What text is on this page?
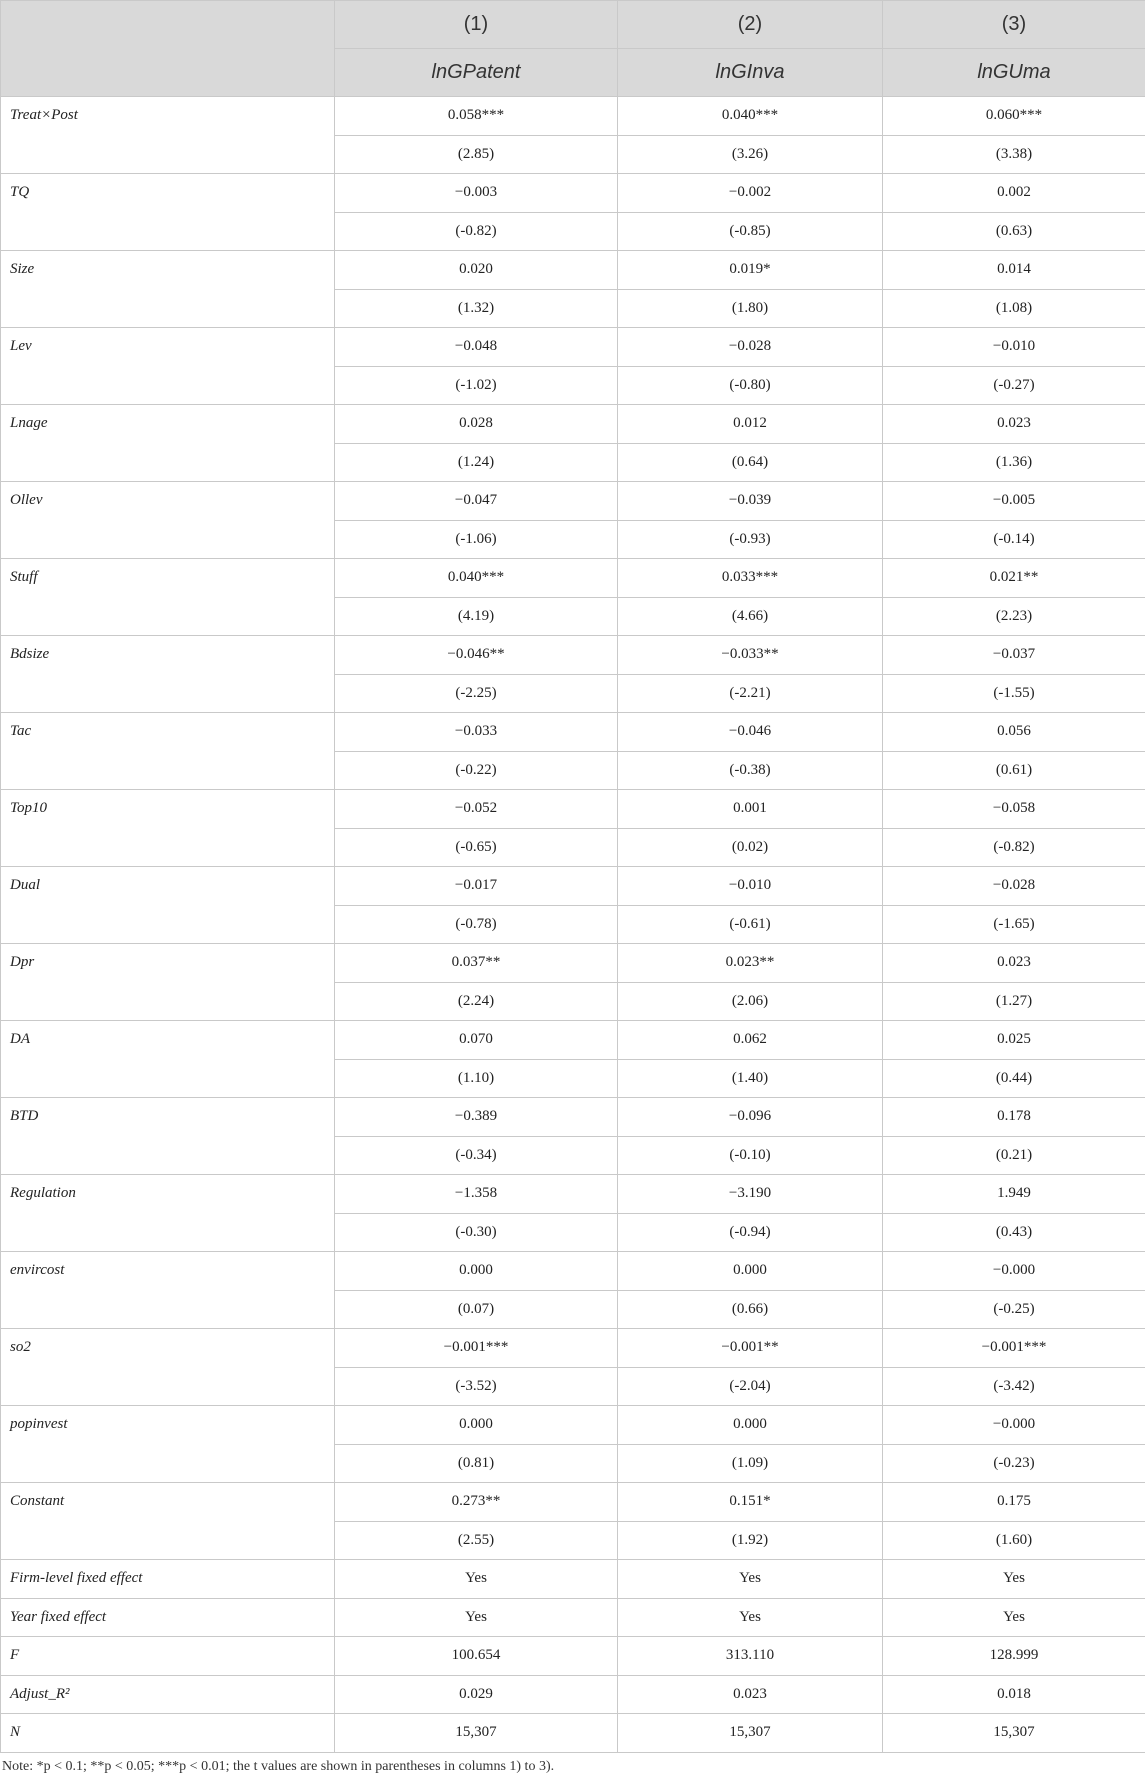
	(1)	(2)	(3)
	lnGPatent	lnGInva	lnGUma
Treat×Post	0.058***	0.040***	0.060***
	(2.85)	(3.26)	(3.38)
TQ	−0.003	−0.002	0.002
	(-0.82)	(-0.85)	(0.63)
Size	0.020	0.019*	0.014
	(1.32)	(1.80)	(1.08)
Lev	−0.048	−0.028	−0.010
	(-1.02)	(-0.80)	(-0.27)
Lnage	0.028	0.012	0.023
	(1.24)	(0.64)	(1.36)
Ollev	−0.047	−0.039	−0.005
	(-1.06)	(-0.93)	(-0.14)
Stuff	0.040***	0.033***	0.021**
	(4.19)	(4.66)	(2.23)
Bdsize	−0.046**	−0.033**	−0.037
	(-2.25)	(-2.21)	(-1.55)
Tac	−0.033	−0.046	0.056
	(-0.22)	(-0.38)	(0.61)
Top10	−0.052	0.001	−0.058
	(-0.65)	(0.02)	(-0.82)
Dual	−0.017	−0.010	−0.028
	(-0.78)	(-0.61)	(-1.65)
Dpr	0.037**	0.023**	0.023
	(2.24)	(2.06)	(1.27)
DA	0.070	0.062	0.025
	(1.10)	(1.40)	(0.44)
BTD	−0.389	−0.096	0.178
	(-0.34)	(-0.10)	(0.21)
Regulation	−1.358	−3.190	1.949
	(-0.30)	(-0.94)	(0.43)
envircost	0.000	0.000	−0.000
	(0.07)	(0.66)	(-0.25)
so2	−0.001***	−0.001**	−0.001***
	(-3.52)	(-2.04)	(-3.42)
popinvest	0.000	0.000	−0.000
	(0.81)	(1.09)	(-0.23)
Constant	0.273**	0.151*	0.175
	(2.55)	(1.92)	(1.60)
Firm-level fixed effect	Yes	Yes	Yes
Year fixed effect	Yes	Yes	Yes
F	100.654	313.110	128.999
Adjust_R²	0.029	0.023	0.018
N	15,307	15,307	15,307
Note: *p < 0.1; **p < 0.05; ***p < 0.01; the t values are shown in parentheses in columns 1) to 3).
